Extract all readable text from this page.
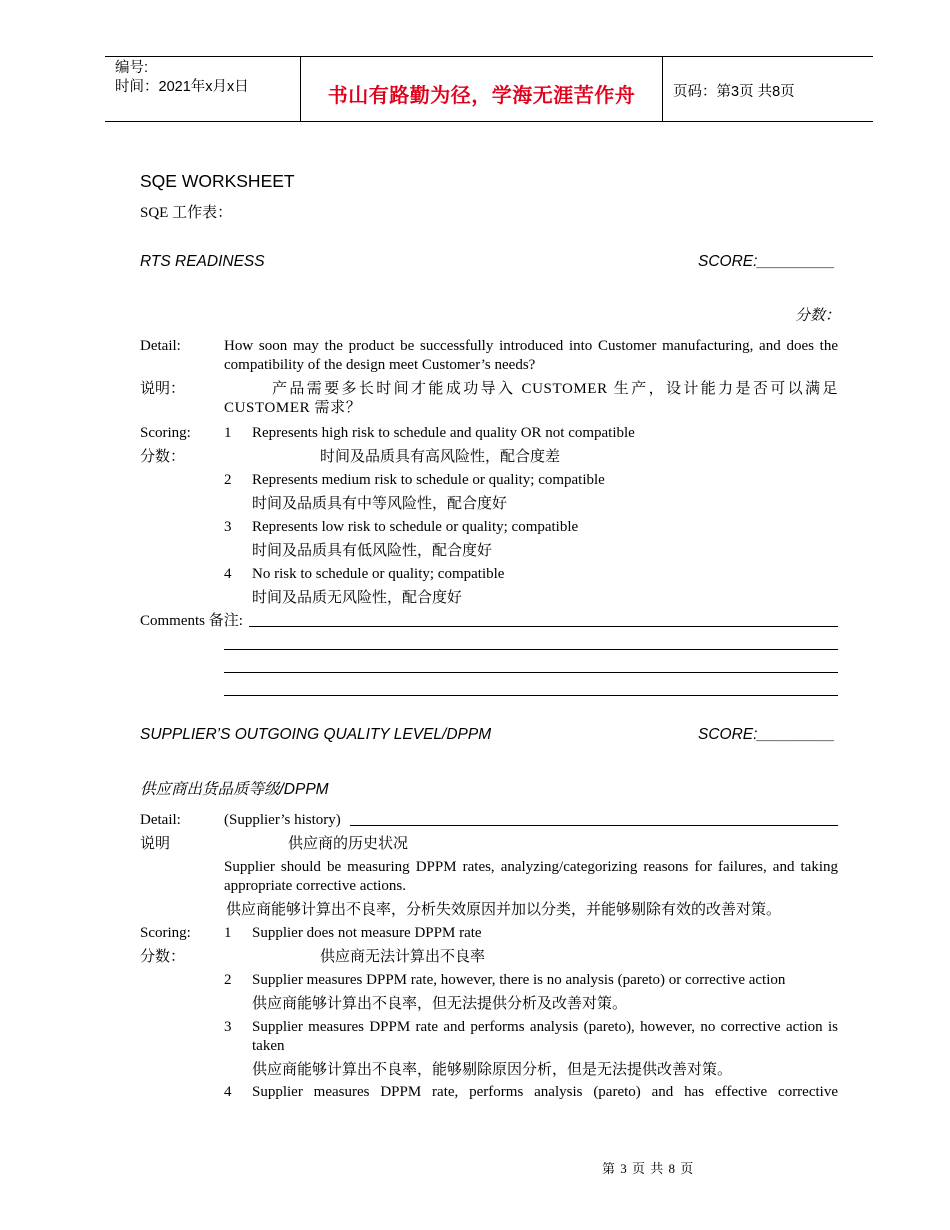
编号:
时间：2021年x月x日	书山有路勤为径，学海无涯苦作舟	页码：第3页 共8页
SQE WORKSHEET
SQE 工作表：
RTS READINESS	SCORE:_________
分数：
Detail:	How soon may the product be successfully introduced into Customer manufacturing, and does the compatibility of the design meet Customer’s needs?
说明：	产品需要多长时间才能成功导入 CUSTOMER 生产，设计能力是否可以满足 CUSTOMER 需求？
Scoring:
分数：
1 Represents high risk to schedule and quality OR not compatible
时间及品质具有高风险性，配合度差
2 Represents medium risk to schedule or quality; compatible
时间及品质具有中等风险性，配合度好
3 Represents low risk to schedule or quality; compatible
时间及品质具有低风险性，配合度好
4 No risk to schedule or quality; compatible
时间及品质无风险性，配合度好
Comments 备注:
SUPPLIER’S OUTGOING QUALITY LEVEL/DPPM	SCORE:_________
供应商出货品质等级/DPPM
Detail:	(Supplier’s history)
说明	供应商的历史状况
Supplier should be measuring DPPM rates, analyzing/categorizing reasons for failures, and taking appropriate corrective actions.
供应商能够计算出不良率，分析失效原因并加以分类，并能够剔除有效的改善对策。
Scoring:
分数：
1 Supplier does not measure DPPM rate
供应商无法计算出不良率
2 Supplier measures DPPM rate, however, there is no analysis (pareto) or corrective action
供应商能够计算出不良率，但无法提供分析及改善对策。
3 Supplier measures DPPM rate and performs analysis (pareto), however, no corrective action is taken
供应商能够计算出不良率，能够剔除原因分析，但是无法提供改善对策。
4 Supplier measures DPPM rate, performs analysis (pareto) and has effective corrective
第 3 页 共 8 页
